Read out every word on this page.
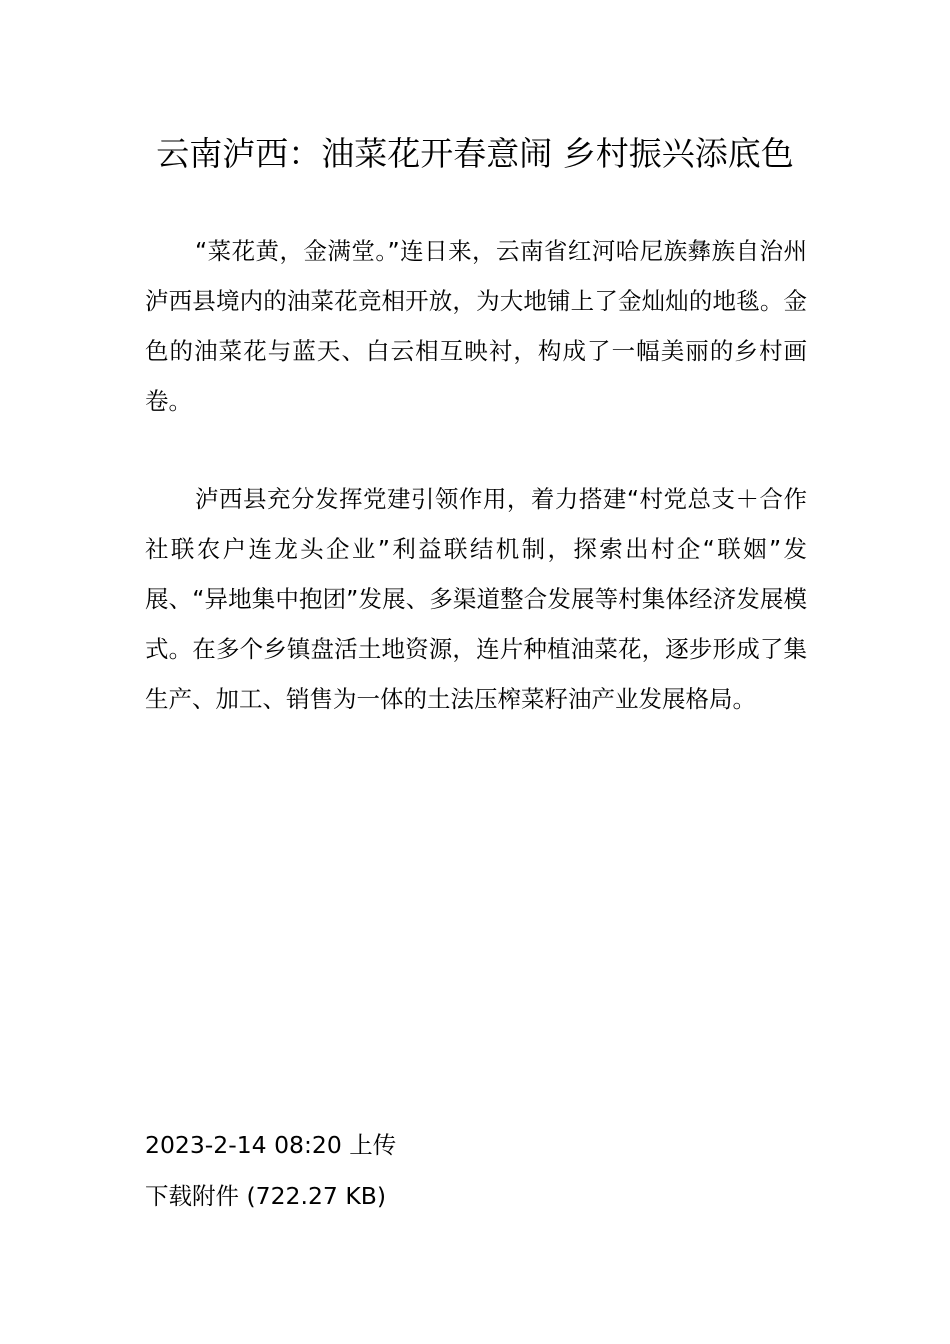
云南泸西：油菜花开春意闹 乡村振兴添底色

“菜花黄，金满堂。”连日来，云南省红河哈尼族彝族自治州泸西县境内的油菜花竞相开放，为大地铺上了金灿灿的地毯。金色的油菜花与蓝天、白云相互映衬，构成了一幅美丽的乡村画卷。

泸西县充分发挥党建引领作用，着力搭建“村党总支＋合作社联农户连龙头企业”利益联结机制，探索出村企“联姻”发展、“异地集中抱团”发展、多渠道整合发展等村集体经济发展模式。在多个乡镇盘活土地资源，连片种植油菜花，逐步形成了集生产、加工、销售为一体的土法压榨菜籽油产业发展格局。

2023-2-14 08:20 上传

下载附件 (722.27 KB)
